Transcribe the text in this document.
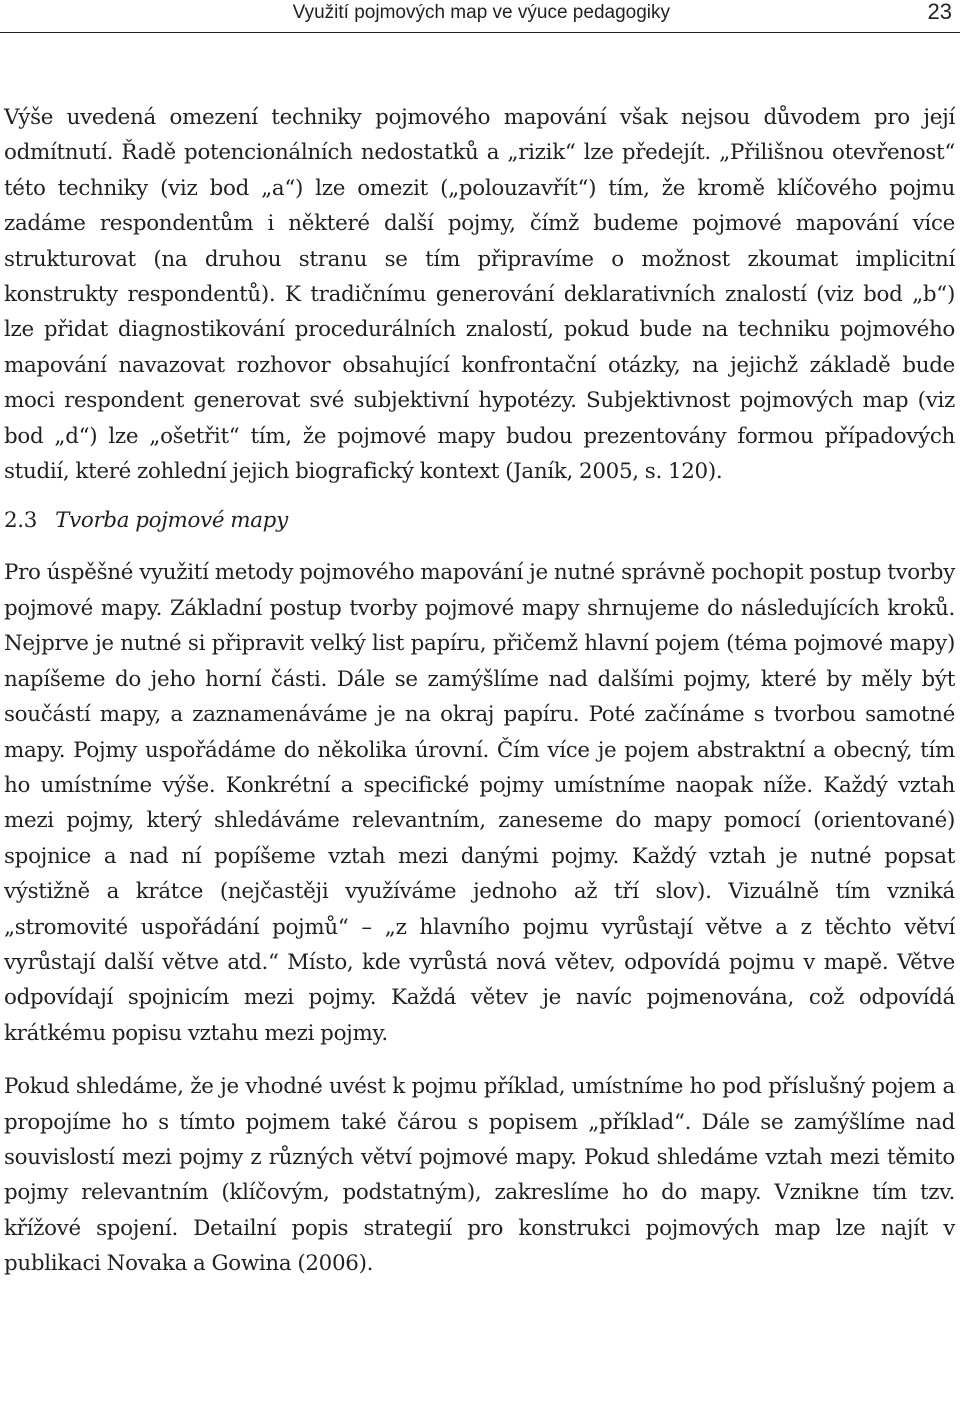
Využití pojmových map ve výuce pedagogiky	23

Výše uvedená omezení techniky pojmového mapování však nejsou důvodem pro její odmítnutí. Řadě potencionálních nedostatků a „rizik“ lze předejít. „Přilišnou otevřenost“ této techniky (viz bod „a“) lze omezit („polouzavřít“) tím, že kromě klíčového pojmu zadáme respondentům i některé další pojmy, čímž budeme pojmové mapování více strukturovat (na druhou stranu se tím připravíme o možnost zkoumat implicitní konstrukty respondentů). K tradičnímu generování deklarativních znalostí (viz bod „b“) lze přidat diagnostikování procedurálních znalostí, pokud bude na techniku pojmového mapování navazovat rozhovor obsahující konfrontační otázky, na jejichž základě bude moci respondent generovat své subjektivní hypotézy. Subjektivnost pojmových map (viz bod „d“) lze „ošetřit“ tím, že pojmové mapy budou prezentovány formou případových studií, které zohlední jejich biografický kontext (Janík, 2005, s. 120).

2.3 Tvorba pojmové mapy

Pro úspěšné využití metody pojmového mapování je nutné správně pochopit postup tvorby pojmové mapy. Základní postup tvorby pojmové mapy shrnujeme do následujících kroků. Nejprve je nutné si připravit velký list papíru, přičemž hlavní pojem (téma pojmové mapy) napíšeme do jeho horní části. Dále se zamýšlíme nad dalšími pojmy, které by měly být součástí mapy, a zaznamenáváme je na okraj papíru. Poté začínáme s tvorbou samotné mapy. Pojmy uspořádáme do několika úrovní. Čím více je pojem abstraktní a obecný, tím ho umístníme výše. Konkrétní a specifické pojmy umístníme naopak níže. Každý vztah mezi pojmy, který shledáváme relevantním, zaneseme do mapy pomocí (orientované) spojnice a nad ní popíšeme vztah mezi danými pojmy. Každý vztah je nutné popsat výstižně a krátce (nejčastěji využíváme jednoho až tří slov). Vizuálně tím vzniká „stromovité uspořádání pojmů“ – „z hlavního pojmu vyrůstají větve a z těchto větví vyrůstají další větve atd.“ Místo, kde vyrůstá nová větev, odpovídá pojmu v mapě. Větve odpovídají spojnicím mezi pojmy. Každá větev je navíc pojmenována, což odpovídá krátkému popisu vztahu mezi pojmy.

Pokud shledáme, že je vhodné uvést k pojmu příklad, umístníme ho pod příslušný pojem a propojíme ho s tímto pojmem také čárou s popisem „příklad“. Dále se zamýšlíme nad souvislostí mezi pojmy z různých větví pojmové mapy. Pokud shledáme vztah mezi těmito pojmy relevantním (klíčovým, podstatným), zakreslíme ho do mapy. Vznikne tím tzv. křížové spojení. Detailní popis strategií pro konstrukci pojmových map lze najít v publikaci Novaka a Gowina (2006).
